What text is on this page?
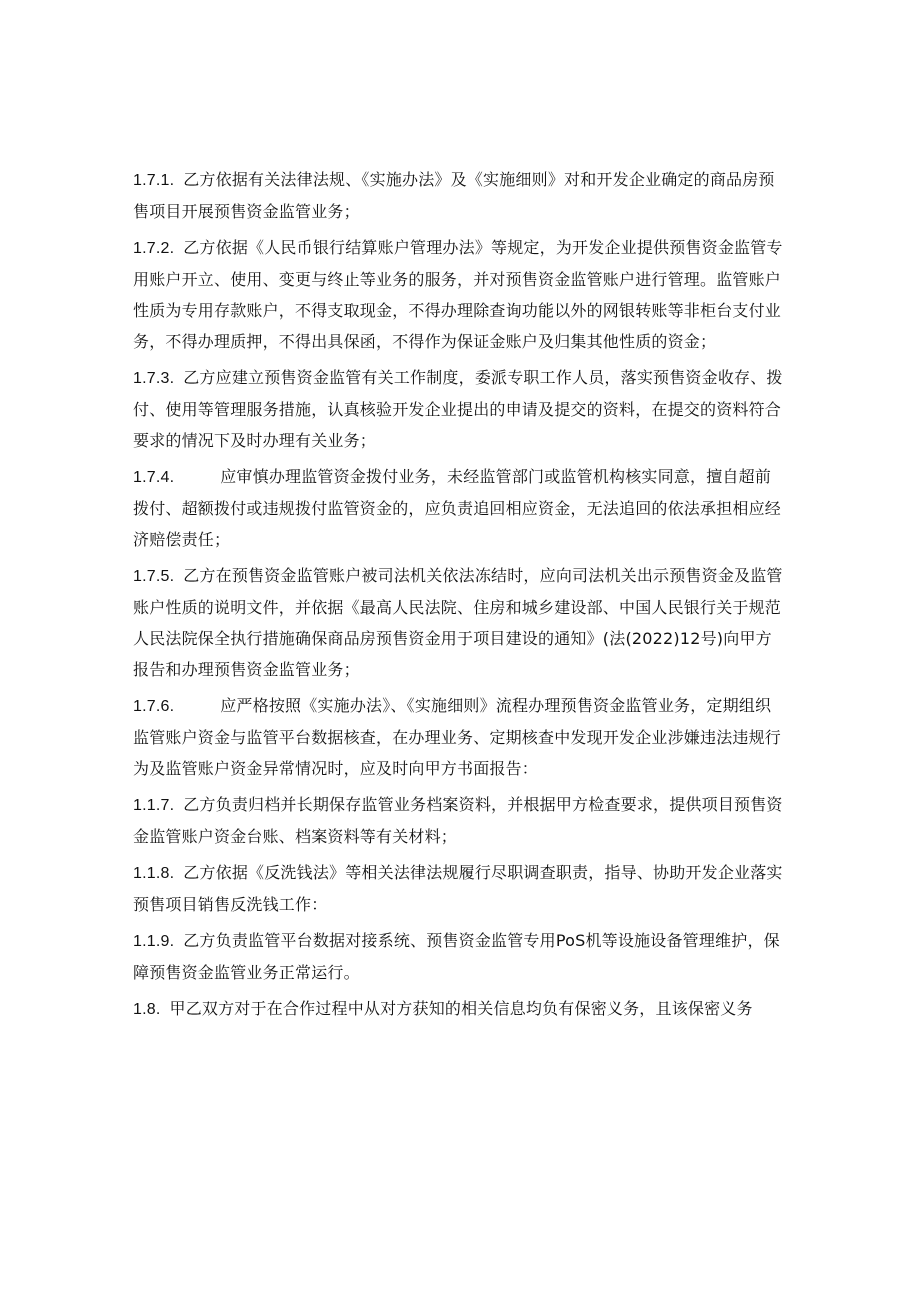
1.7.1. 乙方依据有关法律法规、《实施办法》及《实施细则》对和开发企业确定的商品房预售项目开展预售资金监管业务；

1.7.2. 乙方依据《人民币银行结算账户管理办法》等规定，为开发企业提供预售资金监管专用账户开立、使用、变更与终止等业务的服务，并对预售资金监管账户进行管理。监管账户性质为专用存款账户，不得支取现金，不得办理除查询功能以外的网银转账等非柜台支付业务，不得办理质押，不得出具保函，不得作为保证金账户及归集其他性质的资金；

1.7.3. 乙方应建立预售资金监管有关工作制度，委派专职工作人员，落实预售资金收存、拨付、使用等管理服务措施，认真核验开发企业提出的申请及提交的资料，在提交的资料符合要求的情况下及时办理有关业务；

1.7.4.	应审慎办理监管资金拨付业务，未经监管部门或监管机构核实同意，擅自超前拨付、超额拨付或违规拨付监管资金的，应负责追回相应资金，无法追回的依法承担相应经济赔偿责任；

1.7.5. 乙方在预售资金监管账户被司法机关依法冻结时，应向司法机关出示预售资金及监管账户性质的说明文件，并依据《最高人民法院、住房和城乡建设部、中国人民银行关于规范人民法院保全执行措施确保商品房预售资金用于项目建设的通知》(法(2022)12号)向甲方报告和办理预售资金监管业务；

1.7.6.	应严格按照《实施办法》、《实施细则》流程办理预售资金监管业务，定期组织监管账户资金与监管平台数据核查，在办理业务、定期核查中发现开发企业涉嫌违法违规行为及监管账户资金异常情况时，应及时向甲方书面报告：

1.1.7. 乙方负责归档并长期保存监管业务档案资料，并根据甲方检查要求，提供项目预售资金监管账户资金台账、档案资料等有关材料；

1.1.8. 乙方依据《反洗钱法》等相关法律法规履行尽职调查职责，指导、协助开发企业落实预售项目销售反洗钱工作：

1.1.9. 乙方负责监管平台数据对接系统、预售资金监管专用PoS机等设施设备管理维护，保障预售资金监管业务正常运行。

1.8. 甲乙双方对于在合作过程中从对方获知的相关信息均负有保密义务，且该保密义务
